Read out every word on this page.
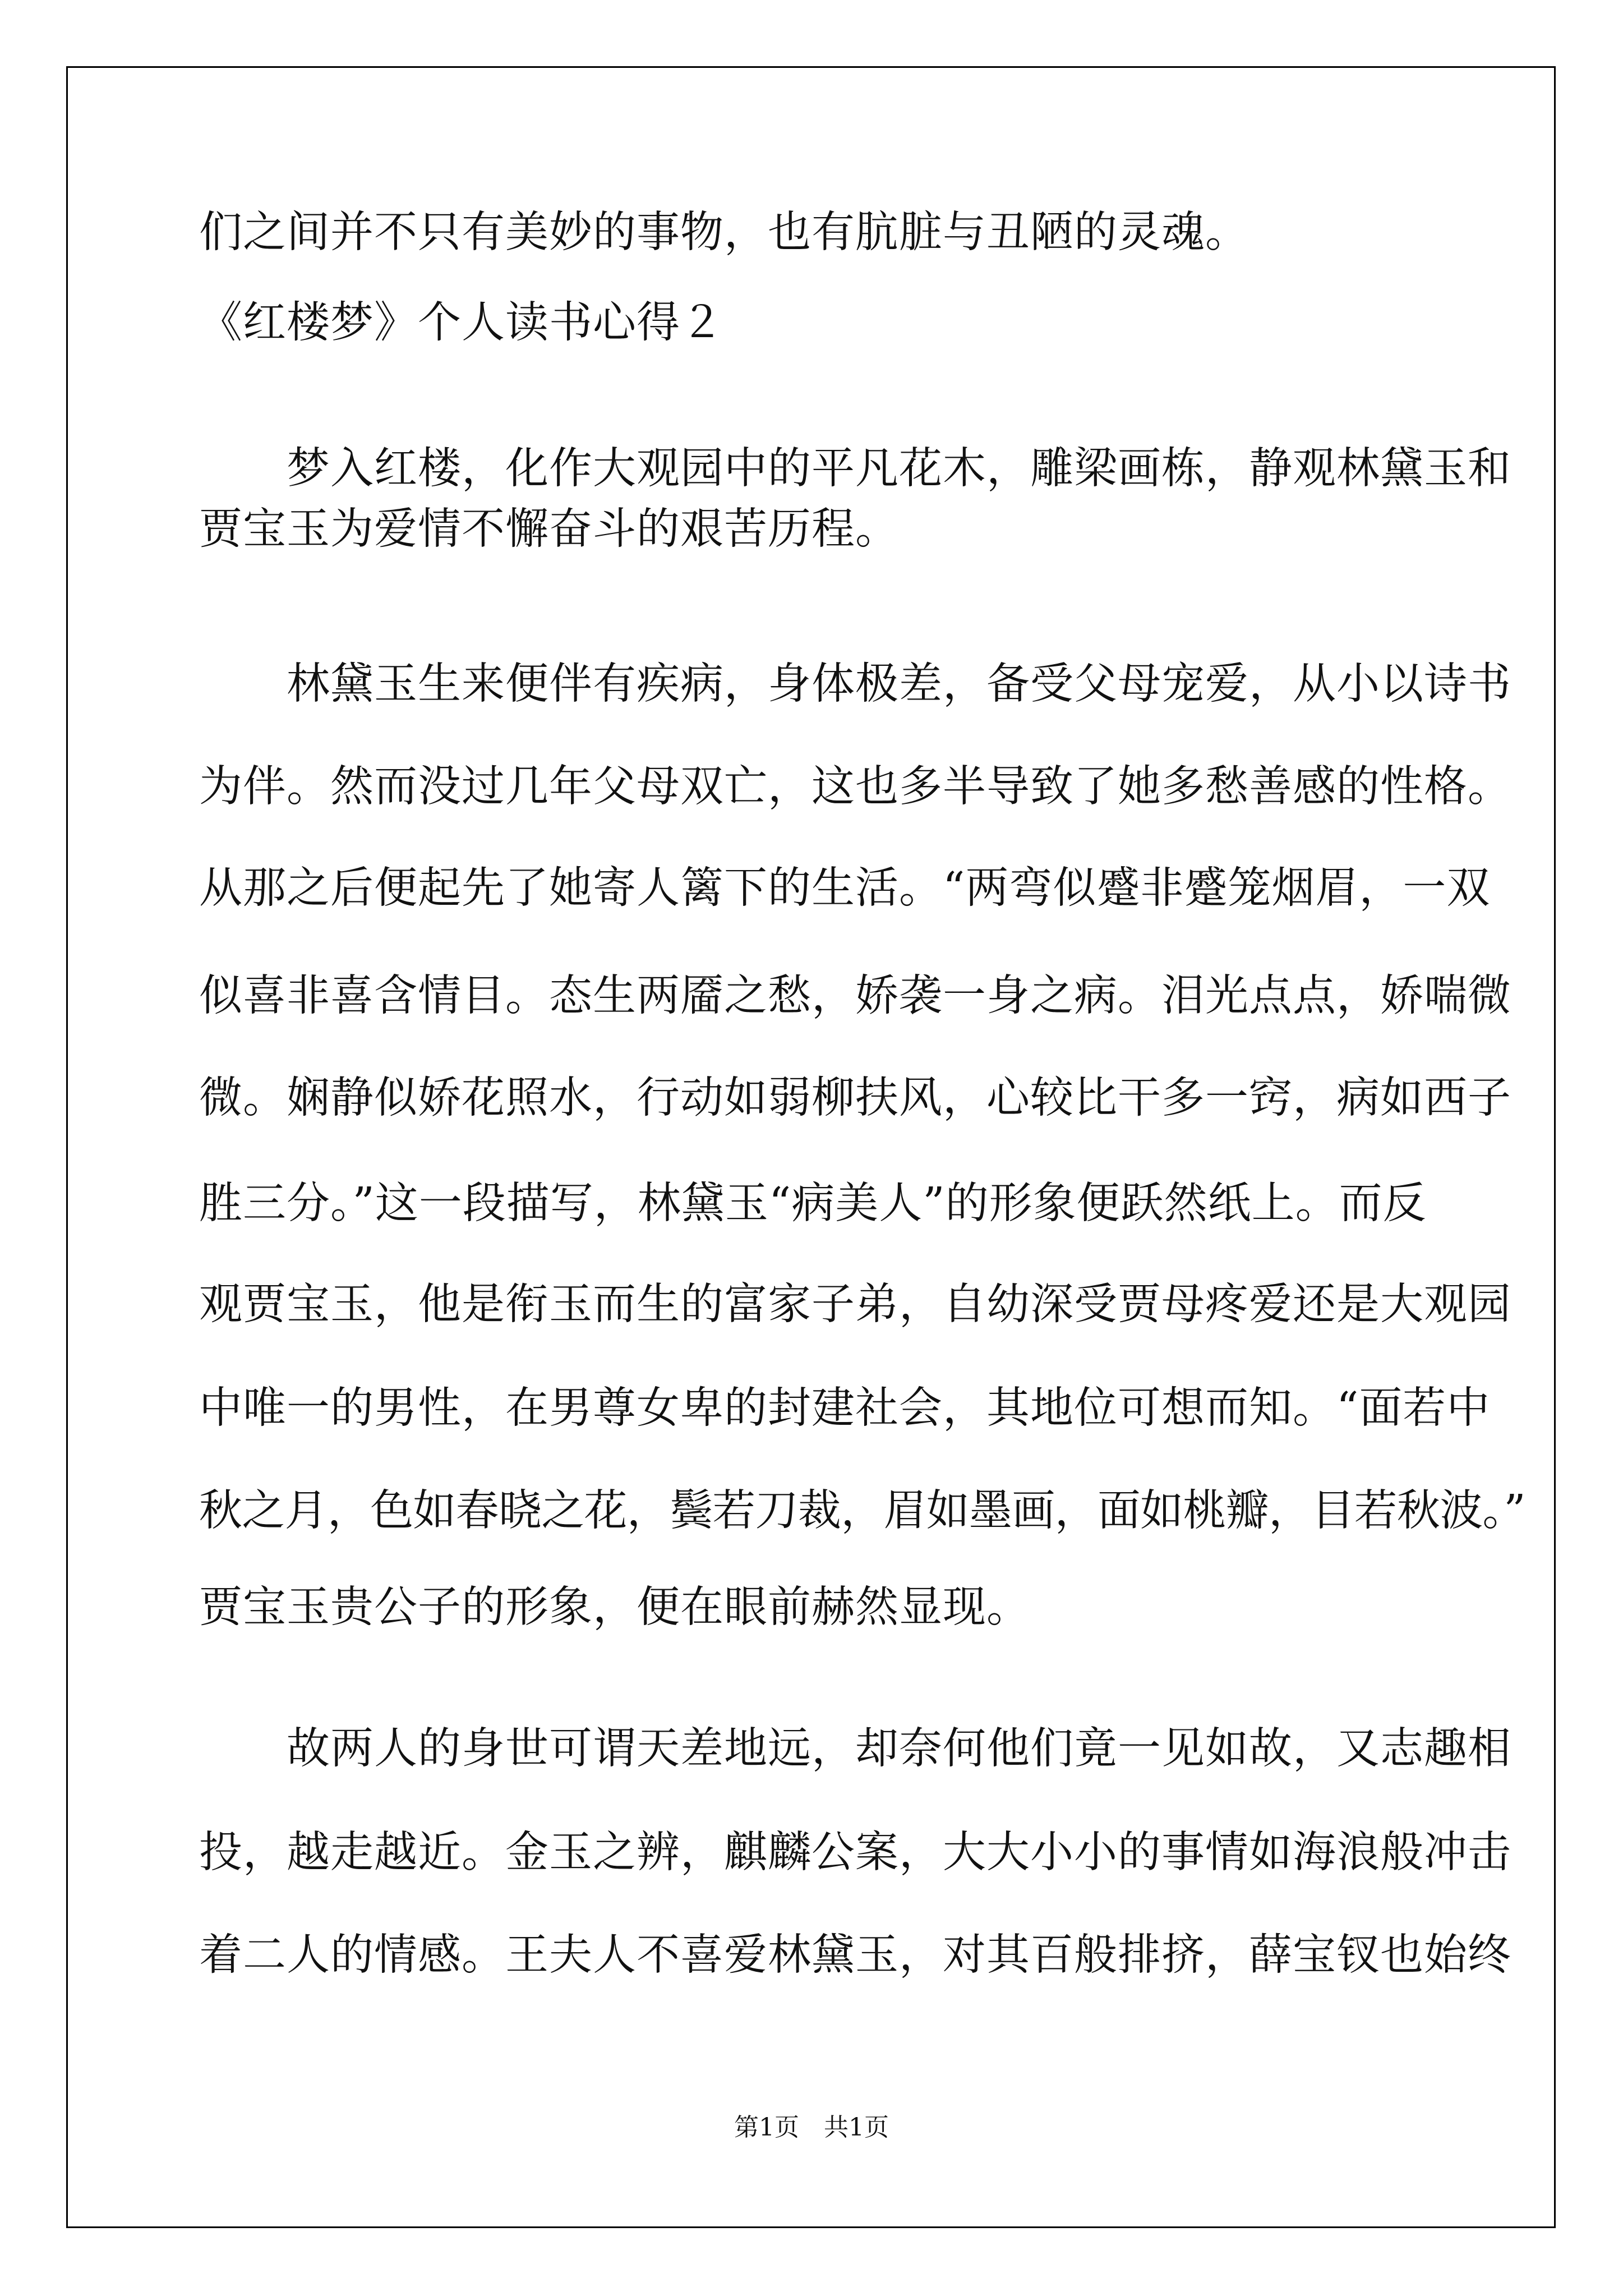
们之间并不只有美妙的事物，也有肮脏与丑陋的灵魂。

《红楼梦》个人读书心得２

　　梦入红楼，化作大观园中的平凡花木，雕梁画栋，静观林黛玉和

贾宝玉为爱情不懈奋斗的艰苦历程。

　　林黛玉生来便伴有疾病，身体极差，备受父母宠爱，从小以诗书

为伴。然而没过几年父母双亡，这也多半导致了她多愁善感的性格。

从那之后便起先了她寄人篱下的生活。“两弯似蹙非蹙笼烟眉，一双

似喜非喜含情目。态生两靥之愁，娇袭一身之病。泪光点点，娇喘微

微。娴静似娇花照水，行动如弱柳扶风，心较比干多一窍，病如西子

胜三分。”这一段描写，林黛玉“病美人”的形象便跃然纸上。而反

观贾宝玉，他是衔玉而生的富家子弟，自幼深受贾母疼爱还是大观园

中唯一的男性，在男尊女卑的封建社会，其地位可想而知。“面若中

秋之月，色如春晓之花，鬓若刀裁，眉如墨画，面如桃瓣，目若秋波。”

贾宝玉贵公子的形象，便在眼前赫然显现。

　　故两人的身世可谓天差地远，却奈何他们竟一见如故，又志趣相

投，越走越近。金玉之辨，麒麟公案，大大小小的事情如海浪般冲击

着二人的情感。王夫人不喜爱林黛玉，对其百般排挤，薛宝钗也始终

第1页　共1页
